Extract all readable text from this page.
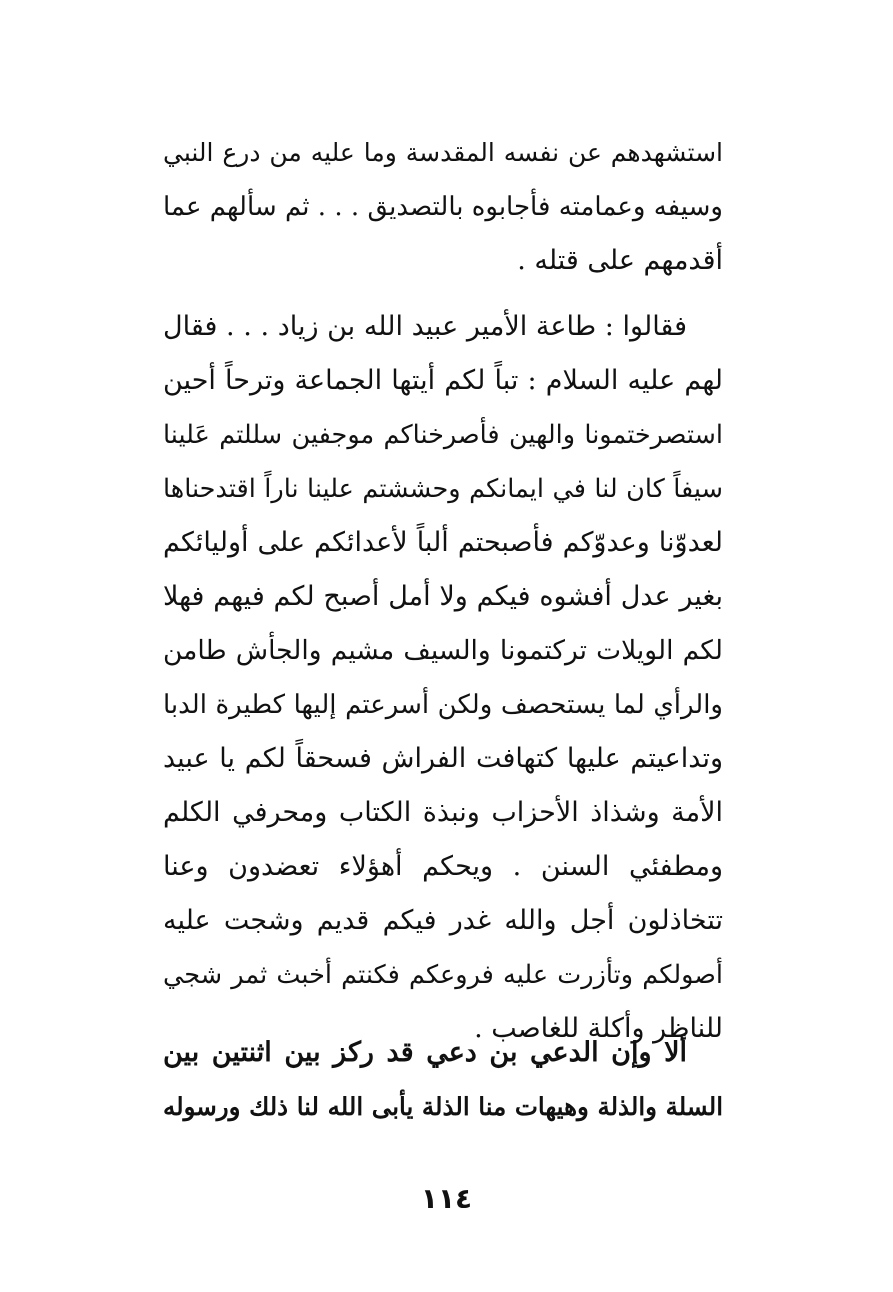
استشهدهم عن نفسه المقدسة وما عليه من درع النبي
وسيفه وعمامته فأجابوه بالتصديق . . . ثم سألهم عما
أقدمهم على قتله .
فقالوا : طاعة الأمير عبيد الله بن زياد . . . فقال
لهم عليه السلام : تباً لكم أيتها الجماعة وترحاً أحين
استصرختمونا والهين فأصرخناكم موجفين سللتم عَلينا
سيفاً كان لنا في ايمانكم وحششتم علينا ناراً اقتدحناها
لعدوّنا وعدوّكم فأصبحتم ألباً لأعدائكم على أوليائكم
بغير عدل أفشوه فيكم ولا أمل أصبح لكم فيهم فهلا
لكم الويلات تركتمونا والسيف مشيم والجأش طامن
والرأي لما يستحصف ولكن أسرعتم إليها كطيرة الدبا
وتداعيتم عليها كتهافت الفراش فسحقاً لكم يا عبيد
الأمة وشذاذ الأحزاب ونبذة الكتاب ومحرفي الكلم
ومطفئي السنن . ويحكم أهؤلاء تعضدون وعنا
تتخاذلون أجل والله غدر فيكم قديم وشجت عليه
أصولكم وتأزرت عليه فروعكم فكنتم أخبث ثمر شجي
للناظر وأكلة للغاصب .
ألا وإن الدعي بن دعي قد ركز بين اثنتين بين
السلة والذلة وهيهات منا الذلة يأبى الله لنا ذلك ورسوله
١١٤
